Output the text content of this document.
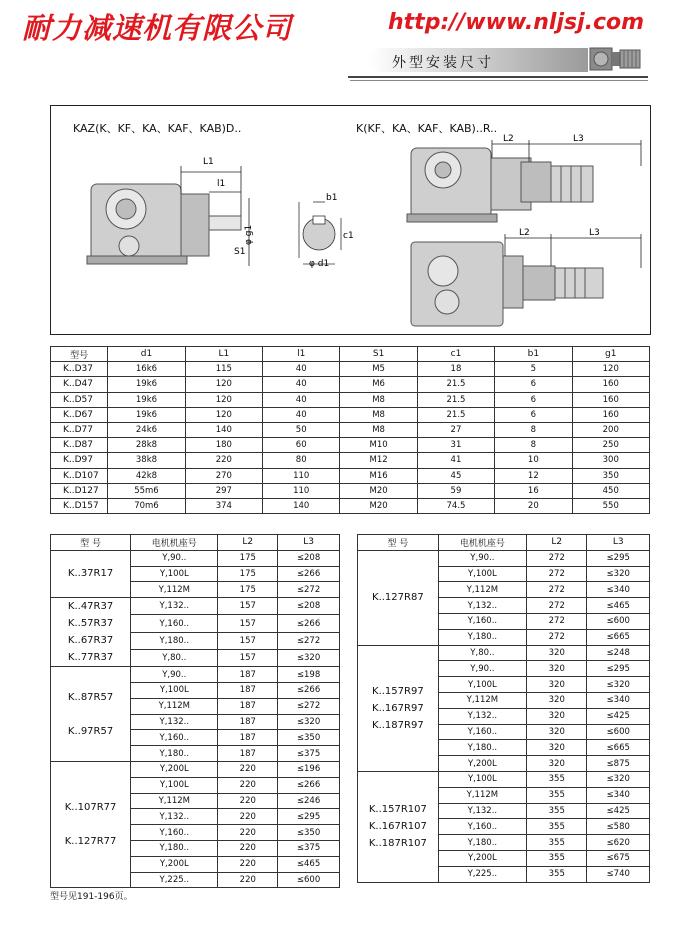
耐力减速机有限公司	http://www.nljsj.com
外型安装尺寸
KAZ(K、KF、KA、KAF、KAB)D..	K(KF、KA、KAF、KAB)..R..
L1
l1
φ g1
S1
b1
c1
φ d1
L2	L3
L2	L3
型号	d1	L1	l1	S1	c1	b1	g1
K..D37	16k6	115	40	M5	18	5	120
K..D47	19k6	120	40	M6	21.5	6	160
K..D57	19k6	120	40	M8	21.5	6	160
K..D67	19k6	120	40	M8	21.5	6	160
K..D77	24k6	140	50	M8	27	8	200
K..D87	28k8	180	60	M10	31	8	250
K..D97	38k8	220	80	M12	41	10	300
K..D107	42k8	270	110	M16	45	12	350
K..D127	55m6	297	110	M20	59	16	450
K..D157	70m6	374	140	M20	74.5	20	550
型 号	电机机座号	L2	L3

K..37R17	Y,90..	175	≤208
	Y,100L	175	≤266
	Y,112M	175	≤272

K..47R37
K..57R37
K..67R37
K..77R37	Y,132..	157	≤208
	Y,160..	157	≤266
	Y,180..	157	≤272
	Y,80..	157	≤320

K..87R57

K..97R57	Y,90..	187	≤198
	Y,100L	187	≤266
	Y,112M	187	≤272
	Y,132..	187	≤320
	Y,160..	187	≤350
	Y,180..	187	≤375

K..107R77

K..127R77	Y,200L	220	≤196
	Y,100L	220	≤266
	Y,112M	220	≤246
	Y,132..	220	≤295
	Y,160..	220	≤350
	Y,180..	220	≤375
	Y,200L	220	≤465
	Y,225..	220	≤600
型 号	电机机座号	L2	L3

K..127R87	Y,90..	272	≤295
	Y,100L	272	≤320
	Y,112M	272	≤340
	Y,132..	272	≤465
	Y,160..	272	≤600
	Y,180..	272	≤665

K..157R97
K..167R97
K..187R97	Y,80..	320	≤248
	Y,90..	320	≤295
	Y,100L	320	≤320
	Y,112M	320	≤340
	Y,132..	320	≤425
	Y,160..	320	≤600
	Y,180..	320	≤665
	Y,200L	320	≤875

K..157R107
K..167R107
K..187R107	Y,100L	355	≤320
	Y,112M	355	≤340
	Y,132..	355	≤425
	Y,160..	355	≤580
	Y,180..	355	≤620
	Y,200L	355	≤675
	Y,225..	355	≤740
型号见191-196页。
